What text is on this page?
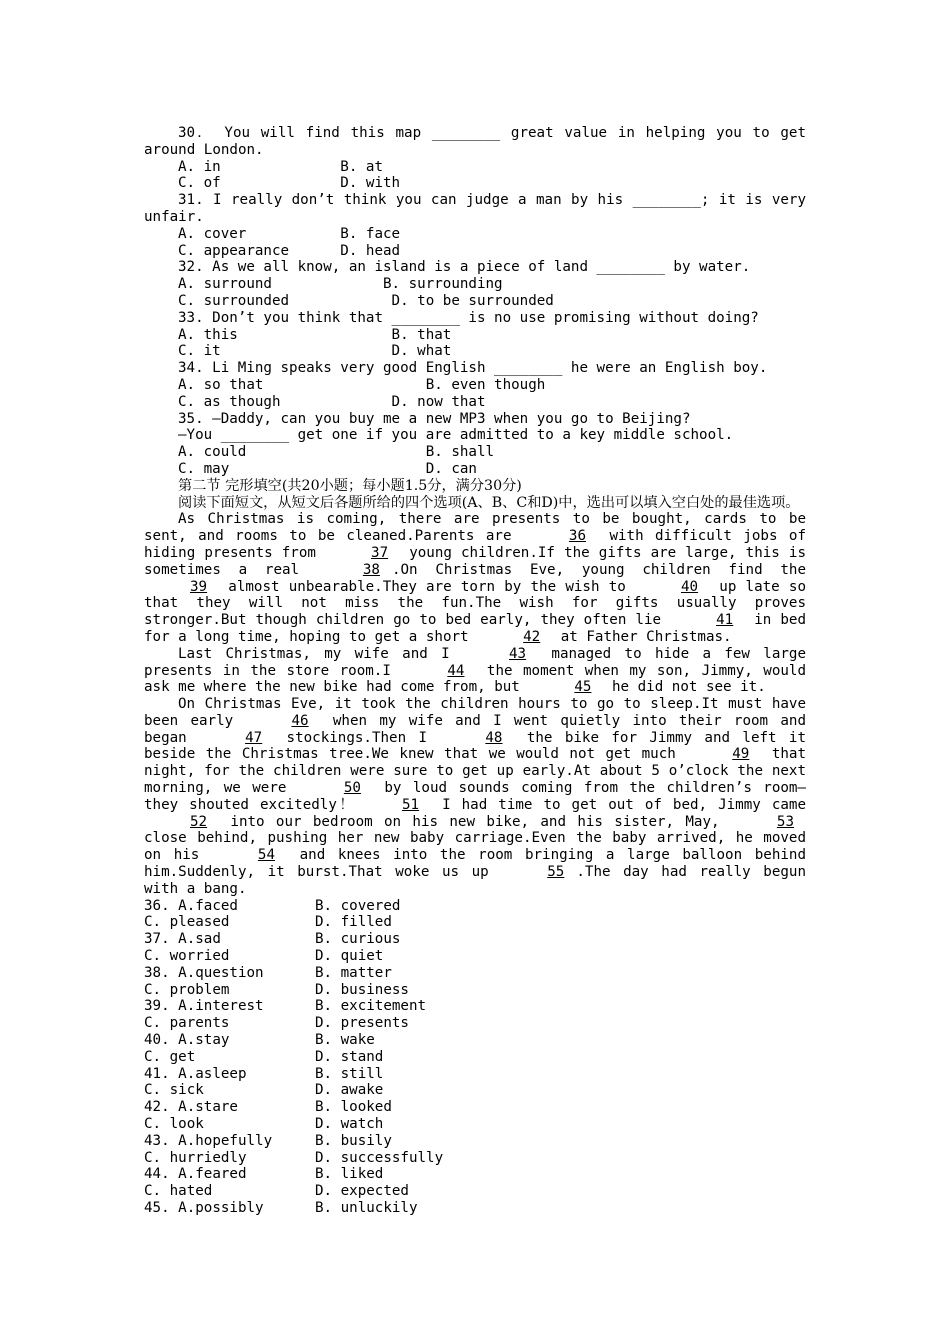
30． You will find this map ________ great value in helping you to get around London.

A. in              B. at

C. of              D. with

31. I really don’t think you can judge a man by his ________; it is very unfair.

A. cover           B. face

C. appearance      D. head

32. As we all know, an island is a piece of land ________ by water.

A. surround             B. surrounding

C. surrounded            D. to be surrounded

33. Don’t you think that ________ is no use promising without doing?

A. this                  B. that

C. it                    D. what

34. Li Ming speaks very good English ________ he were an English boy.

A. so that                   B. even though

C. as though             D. now that

35. —Daddy, can you buy me a new MP3 when you go to Beijing?

—You ________ get one if you are admitted to a key middle school.

A. could                     B. shall

C. may                       D. can

第二节 完形填空(共20小题；每小题1.5分，满分30分)

阅读下面短文，从短文后各题所给的四个选项(A、B、C和D)中，选出可以填入空白处的最佳选项。

As Christmas is coming, there are presents to be bought, cards to be sent, and rooms to be cleaned.Parents are	36 with difficult jobs of hiding presents from	37 young children.If the gifts are large, this is sometimes a real	38 .On Christmas Eve, young children find the 39 almost unbearable.They are torn by the wish to	40 up late so that they will not miss the fun.The wish for gifts usually proves stronger.But though children go to bed early, they often lie	41 in bed for a long time, hoping to get a short	42 at Father Christmas.

Last Christmas, my wife and I	43 managed to hide a few large presents in the store room.I	44 the moment when my son, Jimmy, would ask me where the new bike had come from, but	45 he did not see it.

On Christmas Eve, it took the children hours to go to sleep.It must have been early	46 when my wife and I went quietly into their room and began	47 stockings.Then I	48 the bike for Jimmy and left it beside the Christmas tree.We knew that we would not get much	49 that night, for the children were sure to get up early.At about 5 o’clock the next morning, we were	50 by loud sounds coming from the children’s room—they shouted excitedly！	51 I had time to get out of bed, Jimmy came 52 into our bedroom on his new bike, and his sister, May,	53 close behind, pushing her new baby carriage.Even the baby arrived, he moved on his	54 and knees into the room bringing a large balloon behind him.Suddenly, it burst.That woke us up	55 .The day had really begun with a bang.

36. A.faced	B. covered

C. pleased	D. filled

37. A.sad	B. curious

C. worried	D. quiet

38. A.question	B. matter

C. problem	D. business

39. A.interest	B. excitement

C. parents	D. presents

40. A.stay	B. wake

C. get	D. stand

41. A.asleep	B. still

C. sick	D. awake

42. A.stare	B. looked

C. look	D. watch

43. A.hopefully	B. busily

C. hurriedly	D. successfully

44. A.feared	B. liked

C. hated	D. expected

45. A.possibly	B. unluckily
